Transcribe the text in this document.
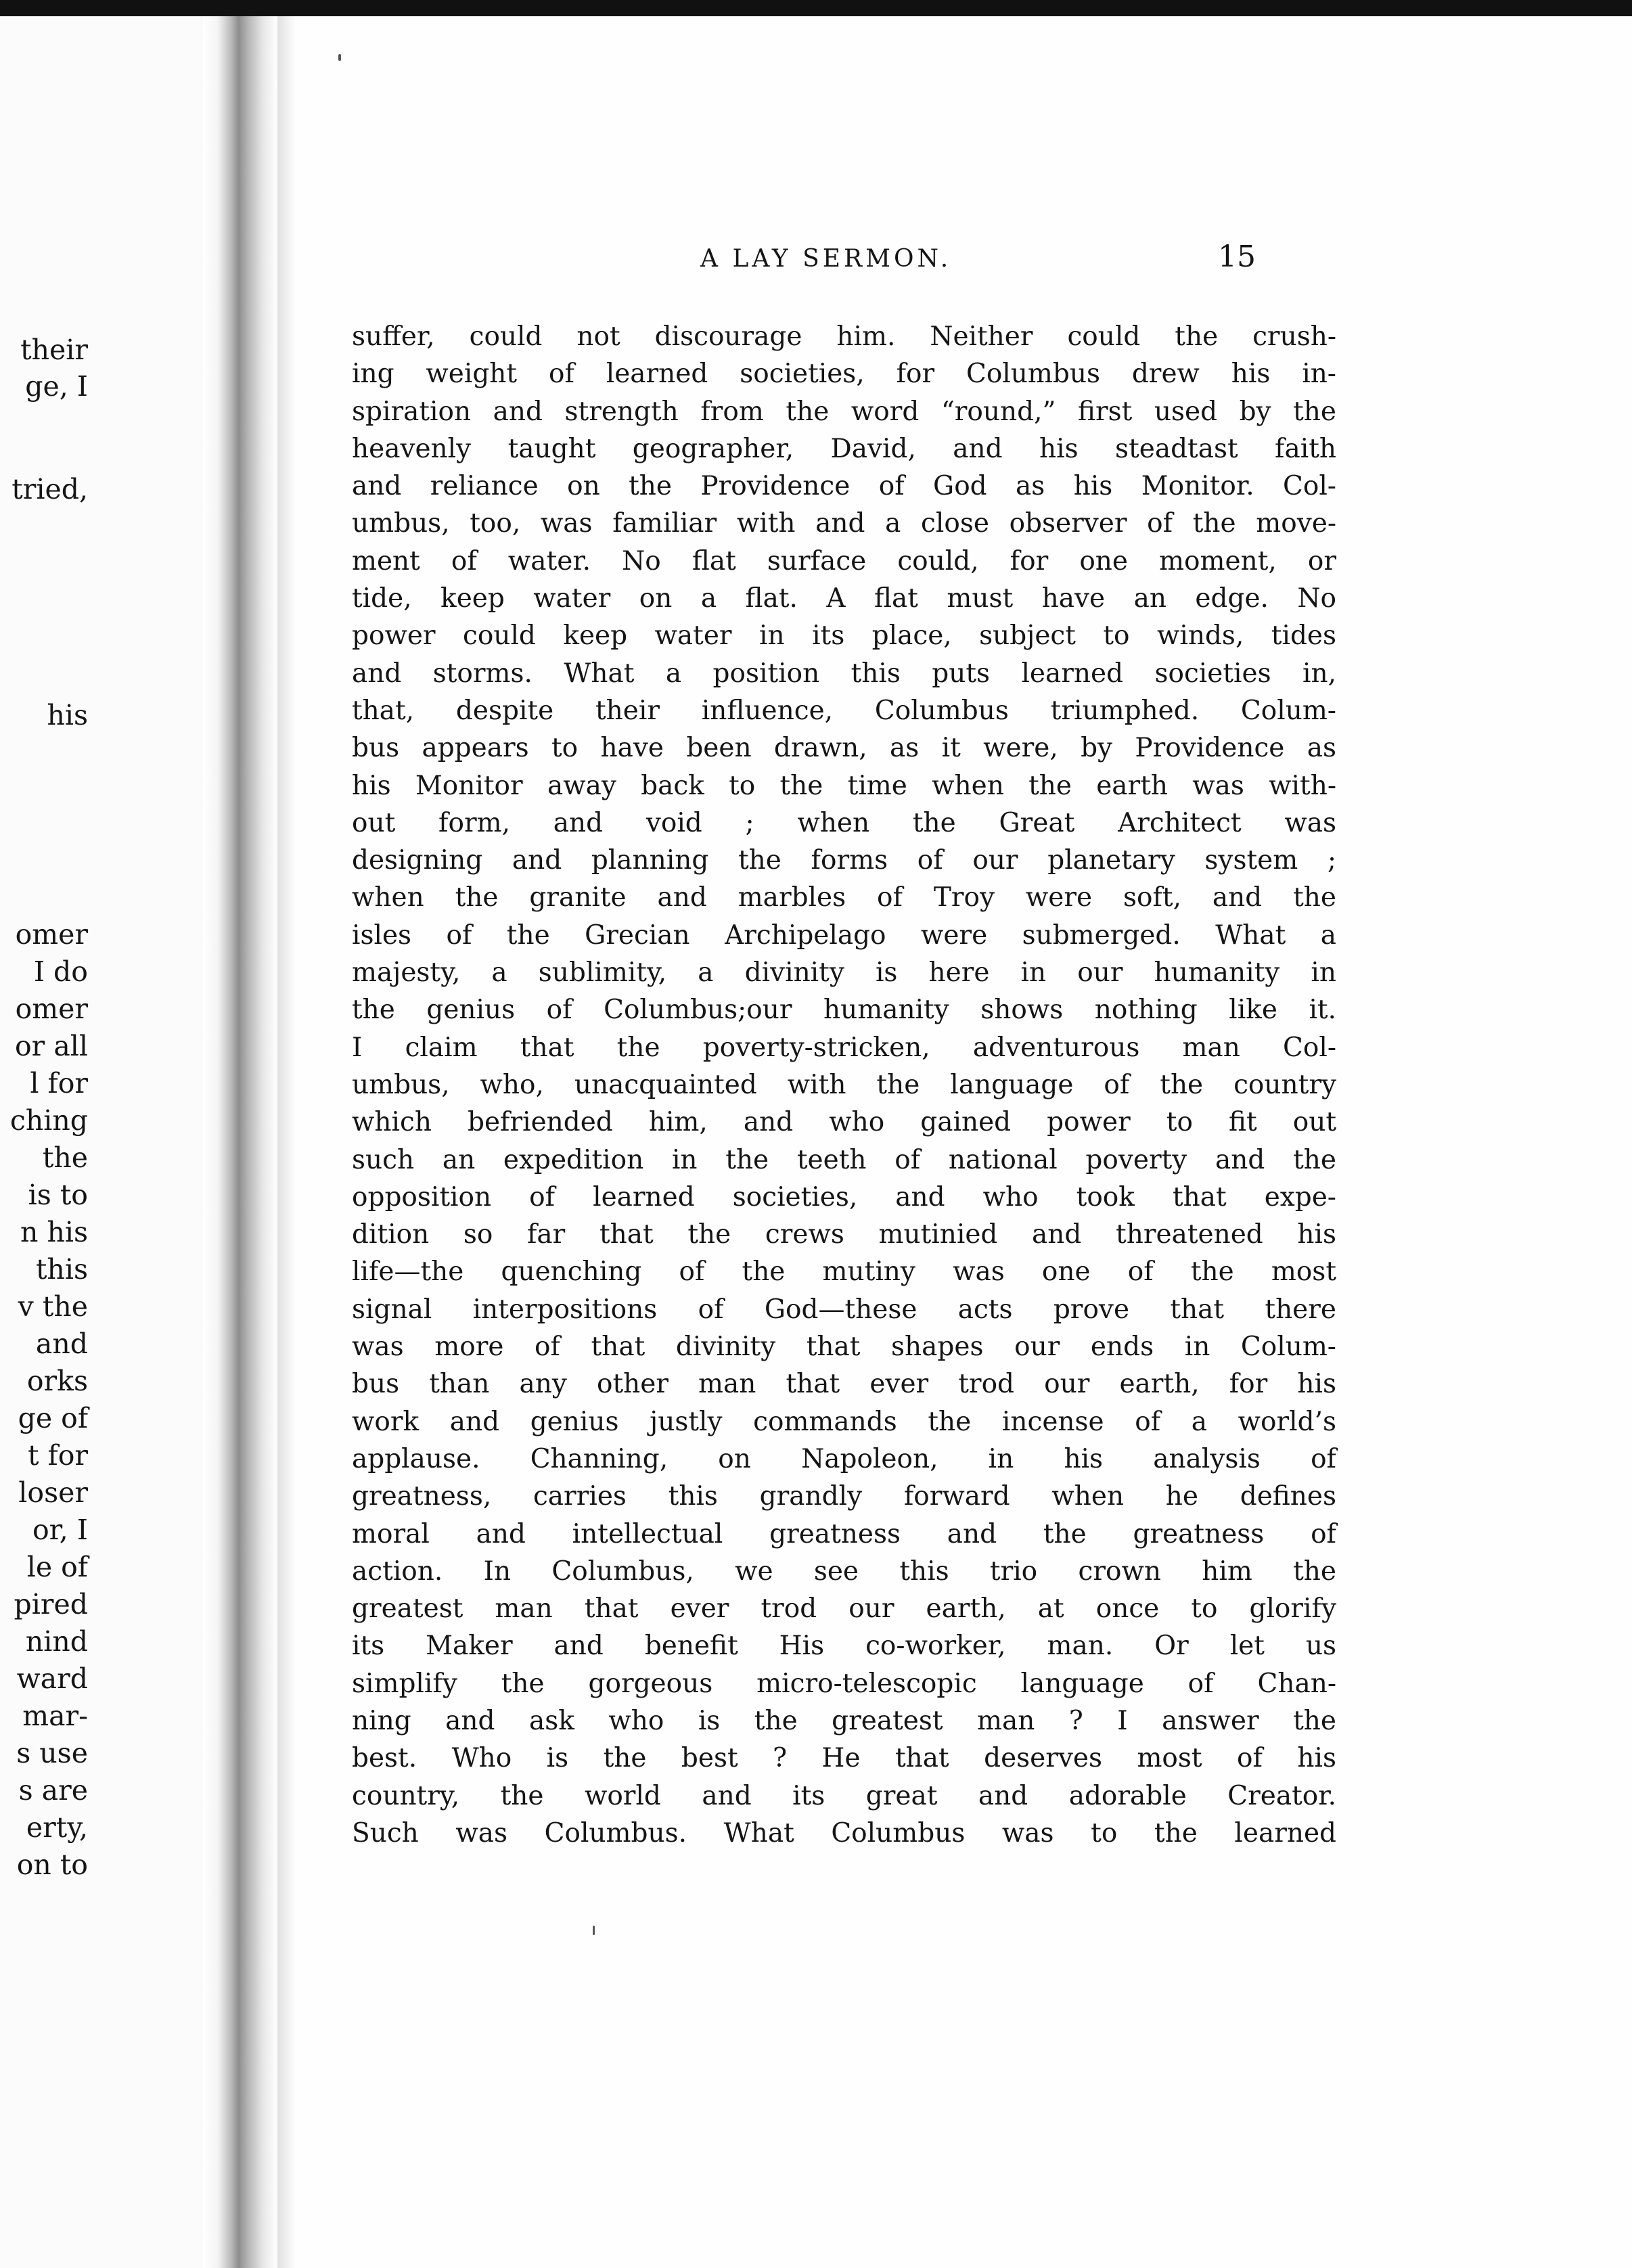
their
ge, I
tried,
his
omer
I do
omer
or all
l for
ching
the
is to
n his
this
v the
and
orks
ge of
t for
loser
or, I
le of
pired
nind
ward
mar-
s use
s are
erty,
on to
A LAY SERMON.	15
suffer, could not discourage him. Neither could the crush-
ing weight of learned societies, for Columbus drew his in-
spiration and strength from the word “round,” first used by the
heavenly taught geographer, David, and his steadtast faith
and reliance on the Providence of God as his Monitor. Col-
umbus, too, was familiar with and a close observer of the move-
ment of water. No flat surface could, for one moment, or
tide, keep water on a flat. A flat must have an edge. No
power could keep water in its place, subject to winds, tides
and storms. What a position this puts learned societies in,
that, despite their influence, Columbus triumphed. Colum-
bus appears to have been drawn, as it were, by Providence as
his Monitor away back to the time when the earth was with-
out form, and void ; when the Great Architect was
designing and planning the forms of our planetary system ;
when the granite and marbles of Troy were soft, and the
isles of the Grecian Archipelago were submerged. What a
majesty, a sublimity, a divinity is here in our humanity in
the genius of Columbus;our humanity shows nothing like it.
I claim that the poverty-stricken, adventurous man Col-
umbus, who, unacquainted with the language of the country
which befriended him, and who gained power to fit out
such an expedition in the teeth of national poverty and the
opposition of learned societies, and who took that expe-
dition so far that the crews mutinied and threatened his
life—the quenching of the mutiny was one of the most
signal interpositions of God—these acts prove that there
was more of that divinity that shapes our ends in Colum-
bus than any other man that ever trod our earth, for his
work and genius justly commands the incense of a world’s
applause. Channing, on Napoleon, in his analysis of
greatness, carries this grandly forward when he defines
moral and intellectual greatness and the greatness of
action. In Columbus, we see this trio crown him the
greatest man that ever trod our earth, at once to glorify
its Maker and benefit His co-worker, man. Or let us
simplify the gorgeous micro-telescopic language of Chan-
ning and ask who is the greatest man ? I answer the
best. Who is the best ? He that deserves most of his
country, the world and its great and adorable Creator.
Such was Columbus. What Columbus was to the learned
